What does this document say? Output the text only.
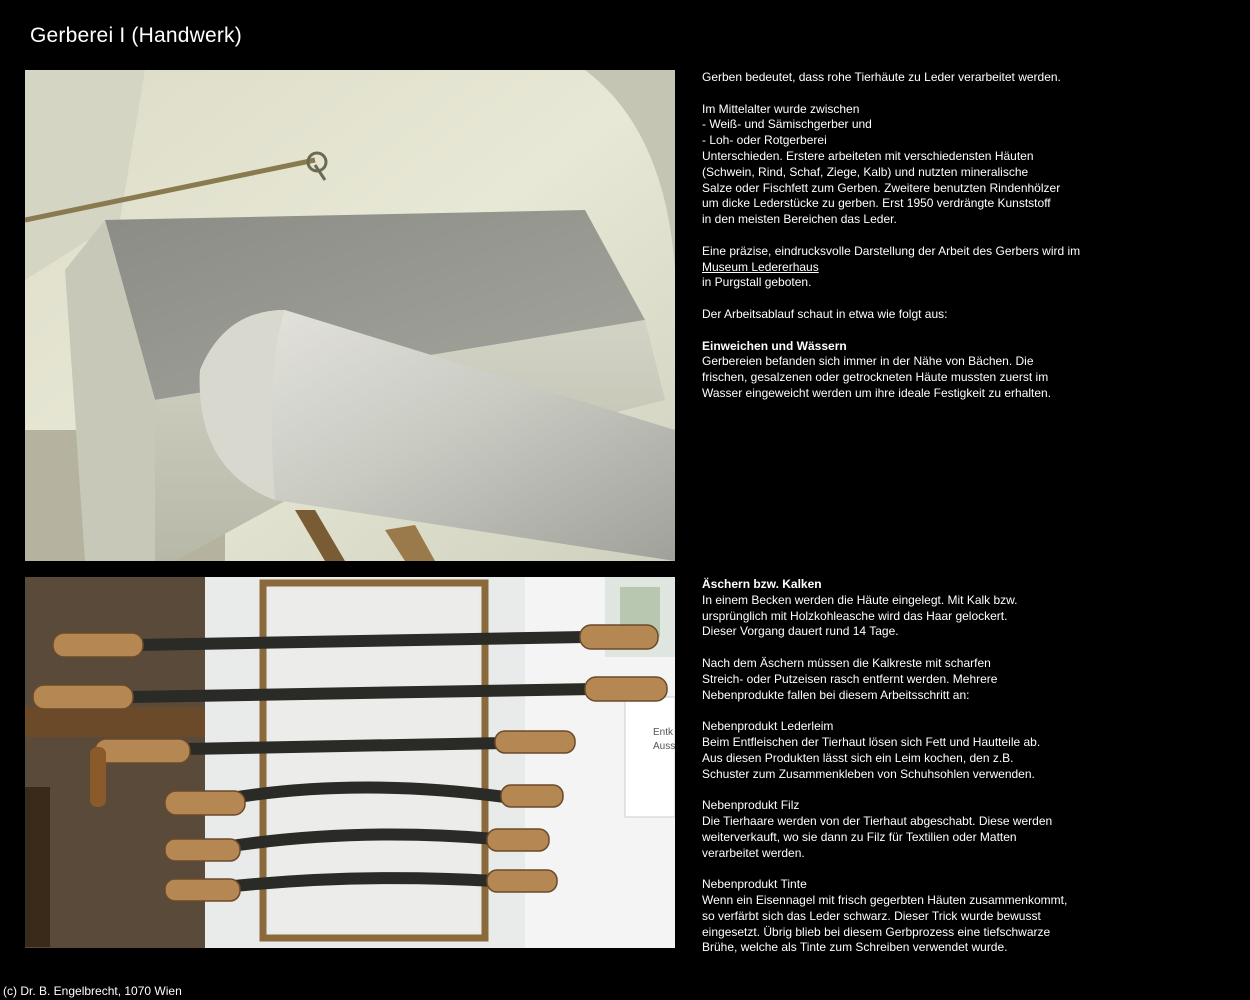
Gerberei I (Handwerk)
Entk
Auss

Gerben bedeutet, dass rohe Tierhäute zu Leder verarbeitet werden.

Im Mittelalter wurde zwischen
- Weiß- und Sämischgerber und
- Loh- oder Rotgerberei
Unterschieden. Erstere arbeiteten mit verschiedensten Häuten
(Schwein, Rind, Schaf, Ziege, Kalb) und nutzten mineralische
Salze oder Fischfett zum Gerben. Zweitere benutzten Rindenhölzer
um dicke Lederstücke zu gerben. Erst 1950 verdrängte Kunststoff
in den meisten Bereichen das Leder.

Eine präzise, eindrucksvolle Darstellung der Arbeit des Gerbers wird im
Museum Ledererhaus
in Purgstall geboten.

Der Arbeitsablauf schaut in etwa wie folgt aus:

Einweichen und Wässern
Gerbereien befanden sich immer in der Nähe von Bächen. Die
frischen, gesalzenen oder getrockneten Häute mussten zuerst im
Wasser eingeweicht werden um ihre ideale Festigkeit zu erhalten.

Äschern bzw. Kalken
In einem Becken werden die Häute eingelegt. Mit Kalk bzw.
ursprünglich mit Holzkohleasche wird das Haar gelockert.
Dieser Vorgang dauert rund 14 Tage.

Nach dem Äschern müssen die Kalkreste mit scharfen
Streich- oder Putzeisen rasch entfernt werden. Mehrere
Nebenprodukte fallen bei diesem Arbeitsschritt an:

Nebenprodukt Lederleim
Beim Entfleischen der Tierhaut lösen sich Fett und Hautteile ab.
Aus diesen Produkten lässt sich ein Leim kochen, den z.B.
Schuster zum Zusammenkleben von Schuhsohlen verwenden.

Nebenprodukt Filz
Die Tierhaare werden von der Tierhaut abgeschabt. Diese werden
weiterverkauft, wo sie dann zu Filz für Textilien oder Matten
verarbeitet werden.

Nebenprodukt Tinte
Wenn ein Eisennagel mit frisch gegerbten Häuten zusammenkommt,
so verfärbt sich das Leder schwarz. Dieser Trick wurde bewusst
eingesetzt. Übrig blieb bei diesem Gerbprozess eine tiefschwarze
Brühe, welche als Tinte zum Schreiben verwendet wurde.

(c) Dr. B. Engelbrecht, 1070 Wien
